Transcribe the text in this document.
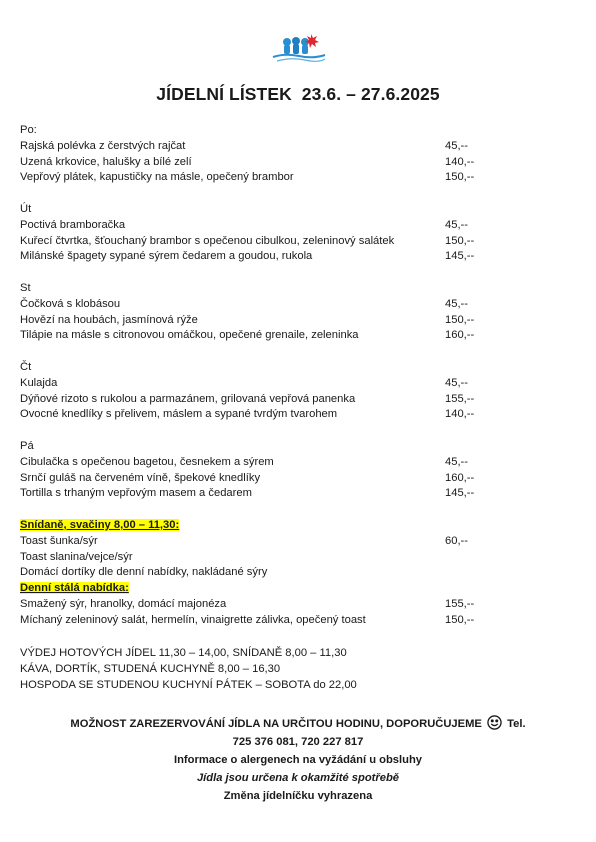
JÍDELNÍ LÍSTEK  23.6. – 27.6.2025
Po:
Rajská polévka z čerstvých rajčat	45,--
Uzená krkovice, halušky a bílé zelí	140,--
Vepřový plátek, kapustičky na másle, opečený brambor	150,--
Út
Poctivá bramboračka	45,--
Kuřecí čtvrtka, šťouchaný brambor s opečenou cibulkou, zeleninový salátek	150,--
Milánské špagety sypané sýrem čedarem a goudou, rukola	145,--
St
Čočková s klobásou	45,--
Hovězí na houbách, jasmínová rýže	150,--
Tilápie na másle s citronovou omáčkou, opečené grenaile, zeleninka	160,--
Čt
Kulajda	45,--
Dýňové rizoto s rukolou a parmazánem, grilovaná vepřová panenka	155,--
Ovocné knedlíky s přelivem, máslem a sypané tvrdým tvarohem	140,--
Pá
Cibulačka s opečenou bagetou, česnekem a sýrem	45,--
Srnčí guláš na červeném víně, špekové knedlíky	160,--
Tortilla s trhaným vepřovým masem a čedarem	145,--
Snídaně, svačiny 8,00 – 11,30:
Toast šunka/sýr	60,--
Toast slanina/vejce/sýr
Domácí dortíky dle denní nabídky, nakládané sýry
Denní stálá nabídka:
Smažený sýr, hranolky, domácí majonéza	155,--
Míchaný zeleninový salát, hermelín, vinaigrette zálivka, opečený toast	150,--
VÝDEJ HOTOVÝCH JÍDEL 11,30 – 14,00, SNÍDANĚ 8,00 – 11,30
KÁVA, DORTÍK, STUDENÁ KUCHYNĚ 8,00 – 16,30
HOSPODA SE STUDENOU KUCHYNÍ PÁTEK – SOBOTA do 22,00
MOŽNOST ZAREZERVOVÁNÍ JÍDLA NA URČITOU HODINU, DOPORUČUJEME Tel.
725 376 081, 720 227 817
Informace o alergenech na vyžádání u obsluhy
Jídla jsou určena k okamžité spotřebě
Změna jídelníčku vyhrazena
